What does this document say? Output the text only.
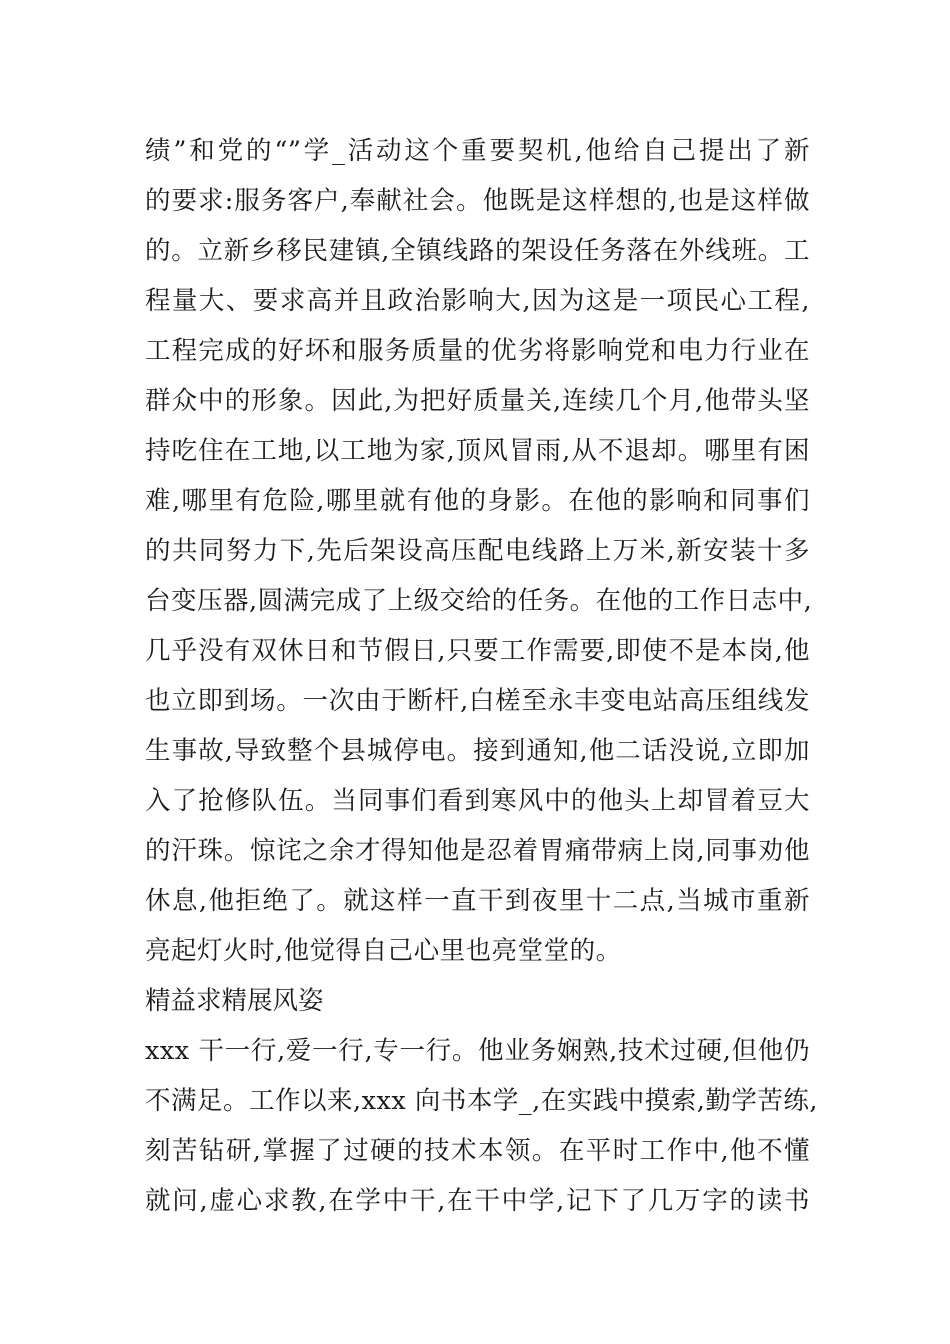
绩”和党的“”学_活动这个重要契机,他给自己提出了新
的要求:服务客户,奉献社会。他既是这样想的,也是这样做
的。立新乡移民建镇,全镇线路的架设任务落在外线班。工
程量大、要求高并且政治影响大,因为这是一项民心工程,
工程完成的好坏和服务质量的优劣将影响党和电力行业在
群众中的形象。因此,为把好质量关,连续几个月,他带头坚
持吃住在工地,以工地为家,顶风冒雨,从不退却。哪里有困
难,哪里有危险,哪里就有他的身影。在他的影响和同事们
的共同努力下,先后架设高压配电线路上万米,新安装十多
台变压器,圆满完成了上级交给的任务。在他的工作日志中,
几乎没有双休日和节假日,只要工作需要,即使不是本岗,他
也立即到场。一次由于断杆,白槎至永丰变电站高压组线发
生事故,导致整个县城停电。接到通知,他二话没说,立即加
入了抢修队伍。当同事们看到寒风中的他头上却冒着豆大
的汗珠。惊诧之余才得知他是忍着胃痛带病上岗,同事劝他
休息,他拒绝了。就这样一直干到夜里十二点,当城市重新
亮起灯火时,他觉得自己心里也亮堂堂的。
精益求精展风姿
xxx 干一行,爱一行,专一行。他业务娴熟,技术过硬,但他仍
不满足。工作以来,xxx 向书本学_,在实践中摸索,勤学苦练,
刻苦钻研,掌握了过硬的技术本领。在平时工作中,他不懂
就问,虚心求教,在学中干,在干中学,记下了几万字的读书
